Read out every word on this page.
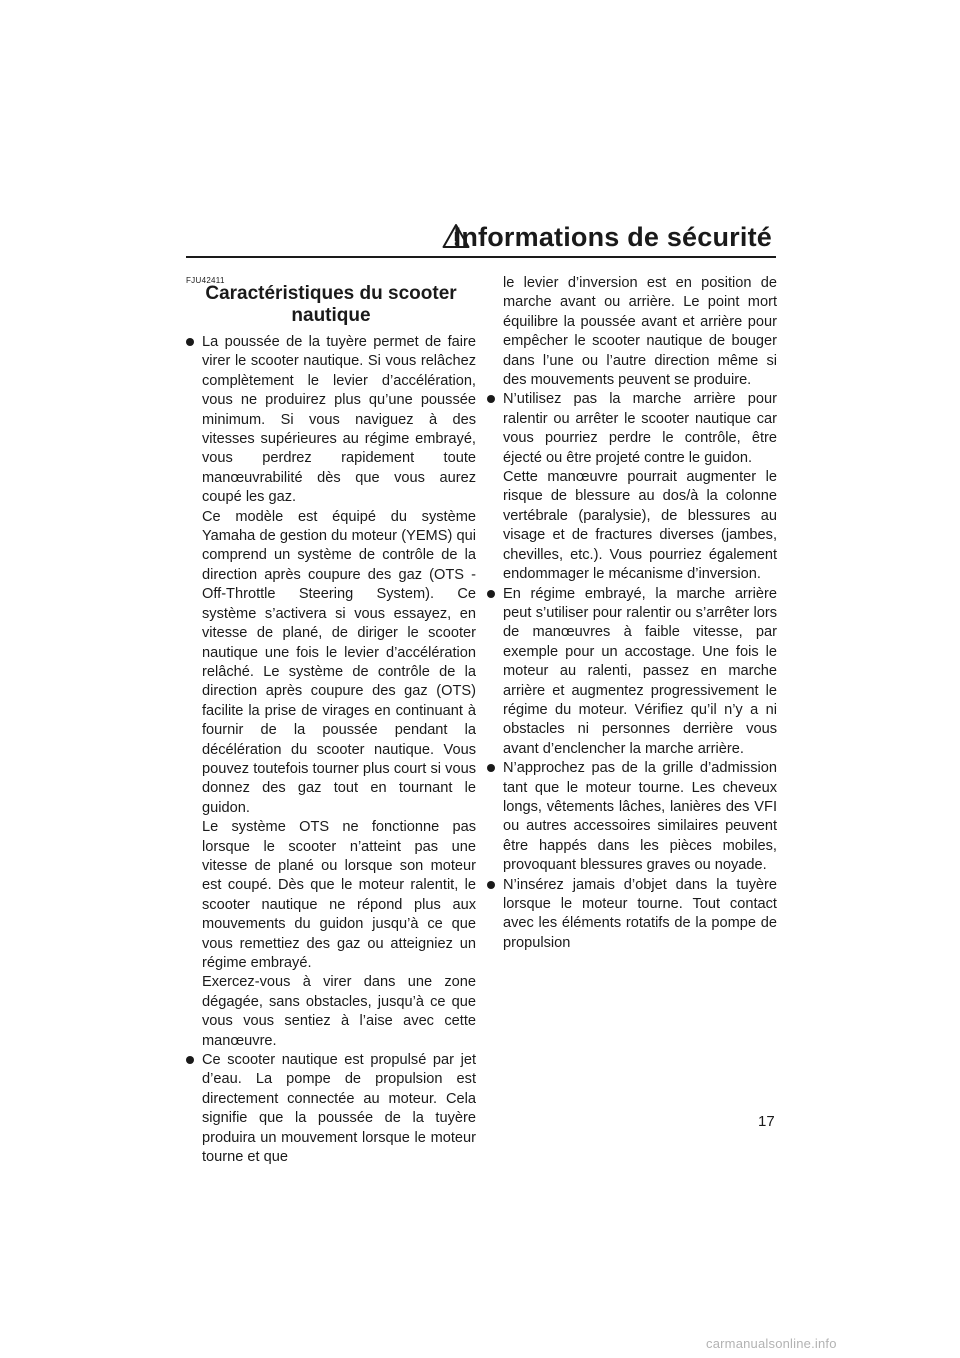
Informations de sécurité
FJU42411
Caractéristiques du scooter
nautique
La poussée de la tuyère permet de faire virer le scooter nautique. Si vous relâchez complètement le levier d’accélération, vous ne produirez plus qu’une poussée minimum. Si vous naviguez à des vitesses supérieures au régime embrayé, vous perdrez rapidement toute manœuvrabilité dès que vous aurez coupé les gaz.
Ce modèle est équipé du système Yamaha de gestion du moteur (YEMS) qui comprend un système de contrôle de la direction après coupure des gaz (OTS - Off-Throttle Steering System). Ce système s’activera si vous essayez, en vitesse de plané, de diriger le scooter nautique une fois le levier d’accélération relâché. Le système de contrôle de la direction après coupure des gaz (OTS) facilite la prise de virages en continuant à fournir de la poussée pendant la décélération du scooter nautique. Vous pouvez toutefois tourner plus court si vous donnez des gaz tout en tournant le guidon.
Le système OTS ne fonctionne pas lorsque le scooter n’atteint pas une vitesse de plané ou lorsque son moteur est coupé. Dès que le moteur ralentit, le scooter nautique ne répond plus aux mouvements du guidon jusqu’à ce que vous remettiez des gaz ou atteigniez un régime embrayé.
Exercez-vous à virer dans une zone dégagée, sans obstacles, jusqu’à ce que vous vous sentiez à l’aise avec cette manœuvre.
Ce scooter nautique est propulsé par jet d’eau. La pompe de propulsion est directement connectée au moteur. Cela signifie que la poussée de la tuyère produira un mouvement lorsque le moteur tourne et que
le levier d’inversion est en position de marche avant ou arrière. Le point mort équilibre la poussée avant et arrière pour empêcher le scooter nautique de bouger dans l’une ou l’autre direction même si des mouvements peuvent se produire.
N’utilisez pas la marche arrière pour ralentir ou arrêter le scooter nautique car vous pourriez perdre le contrôle, être éjecté ou être projeté contre le guidon.
Cette manœuvre pourrait augmenter le risque de blessure au dos/à la colonne vertébrale (paralysie), de blessures au visage et de fractures diverses (jambes, chevilles, etc.). Vous pourriez également endommager le mécanisme d’inversion.
En régime embrayé, la marche arrière peut s’utiliser pour ralentir ou s’arrêter lors de manœuvres à faible vitesse, par exemple pour un accostage. Une fois le moteur au ralenti, passez en marche arrière et augmentez progressivement le régime du moteur. Vérifiez qu’il n’y a ni obstacles ni personnes derrière vous avant d’enclencher la marche arrière.
N’approchez pas de la grille d’admission tant que le moteur tourne. Les cheveux longs, vêtements lâches, lanières des VFI ou autres accessoires similaires peuvent être happés dans les pièces mobiles, provoquant blessures graves ou noyade.
N’insérez jamais d’objet dans la tuyère lorsque le moteur tourne. Tout contact avec les éléments rotatifs de la pompe de propulsion
17
carmanualsonline.info
